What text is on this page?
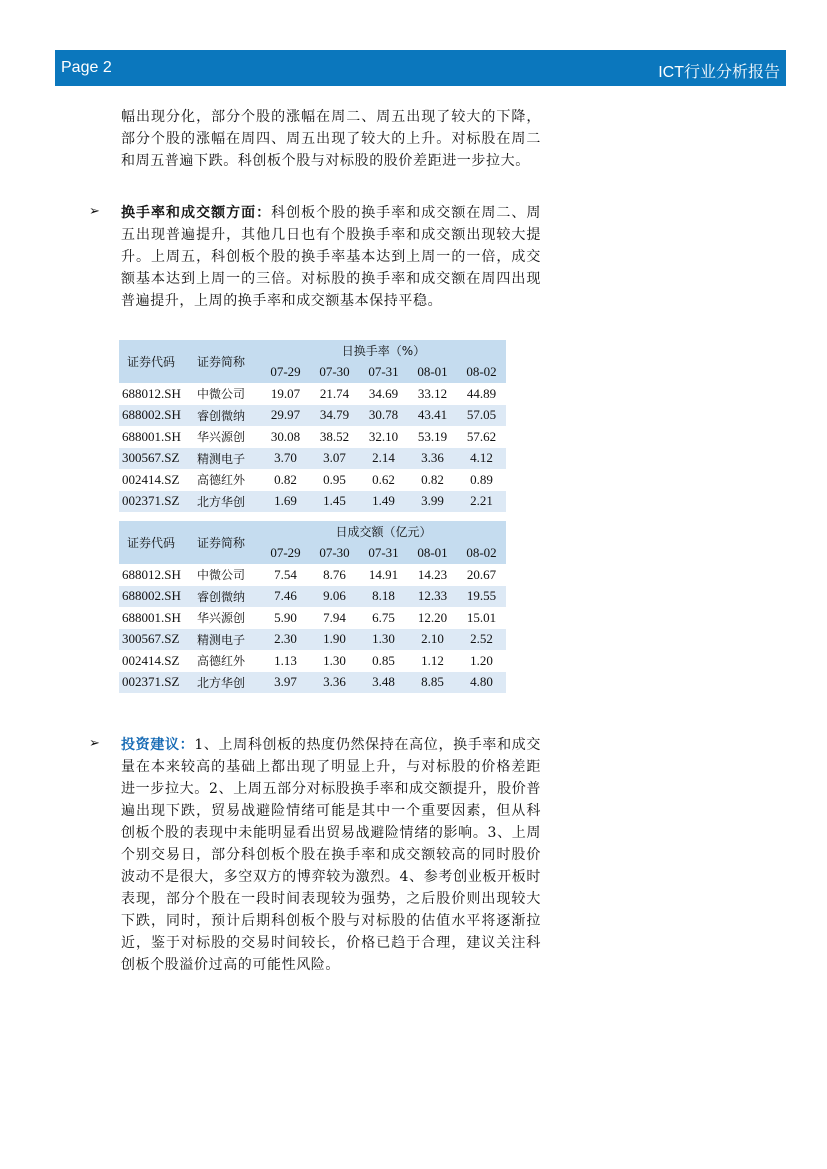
Page 2	ICT行业分析报告
幅出现分化，部分个股的涨幅在周二、周五出现了较大的下降，部分个股的涨幅在周四、周五出现了较大的上升。对标股在周二和周五普遍下跌。科创板个股与对标股的股价差距进一步拉大。
➢ 换手率和成交额方面：科创板个股的换手率和成交额在周二、周五出现普遍提升，其他几日也有个股换手率和成交额出现较大提升。上周五，科创板个股的换手率基本达到上周一的一倍，成交额基本达到上周一的三倍。对标股的换手率和成交额在周四出现普遍提升，上周的换手率和成交额基本保持平稳。
证券代码	证券简称	日换手率（%）				
		07-29	07-30	07-31	08-01	08-02
688012.SH	中微公司	19.07	21.74	34.69	33.12	44.89
688002.SH	睿创微纳	29.97	34.79	30.78	43.41	57.05
688001.SH	华兴源创	30.08	38.52	32.10	53.19	57.62
300567.SZ	精测电子	3.70	3.07	2.14	3.36	4.12
002414.SZ	高德红外	0.82	0.95	0.62	0.82	0.89
002371.SZ	北方华创	1.69	1.45	1.49	3.99	2.21
证券代码	证券简称	日成交额（亿元）				
		07-29	07-30	07-31	08-01	08-02
688012.SH	中微公司	7.54	8.76	14.91	14.23	20.67
688002.SH	睿创微纳	7.46	9.06	8.18	12.33	19.55
688001.SH	华兴源创	5.90	7.94	6.75	12.20	15.01
300567.SZ	精测电子	2.30	1.90	1.30	2.10	2.52
002414.SZ	高德红外	1.13	1.30	0.85	1.12	1.20
002371.SZ	北方华创	3.97	3.36	3.48	8.85	4.80
➢ 投资建议：1、上周科创板的热度仍然保持在高位，换手率和成交量在本来较高的基础上都出现了明显上升，与对标股的价格差距进一步拉大。2、上周五部分对标股换手率和成交额提升，股价普遍出现下跌，贸易战避险情绪可能是其中一个重要因素，但从科创板个股的表现中未能明显看出贸易战避险情绪的影响。3、上周个别交易日，部分科创板个股在换手率和成交额较高的同时股价波动不是很大，多空双方的博弈较为激烈。4、参考创业板开板时表现，部分个股在一段时间表现较为强势，之后股价则出现较大下跌，同时，预计后期科创板个股与对标股的估值水平将逐渐拉近，鉴于对标股的交易时间较长，价格已趋于合理，建议关注科创板个股溢价过高的可能性风险。
